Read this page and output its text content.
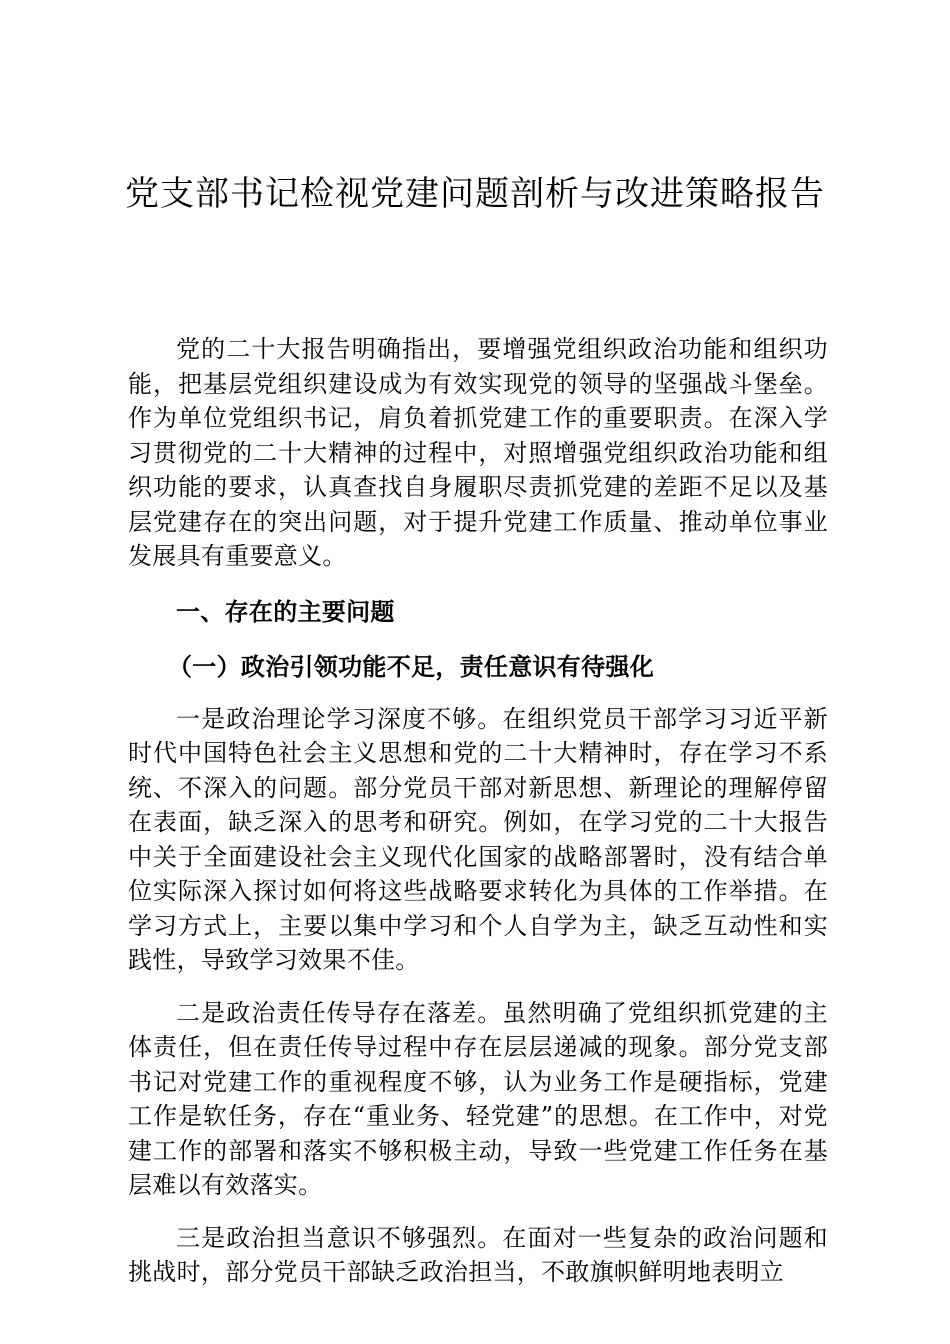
党支部书记检视党建问题剖析与改进策略报告

党的二十大报告明确指出，要增强党组织政治功能和组织功能，把基层党组织建设成为有效实现党的领导的坚强战斗堡垒。作为单位党组织书记，肩负着抓党建工作的重要职责。在深入学习贯彻党的二十大精神的过程中，对照增强党组织政治功能和组织功能的要求，认真查找自身履职尽责抓党建的差距不足以及基层党建存在的突出问题，对于提升党建工作质量、推动单位事业发展具有重要意义。

一、存在的主要问题
（一）政治引领功能不足，责任意识有待强化

一是政治理论学习深度不够。在组织党员干部学习习近平新时代中国特色社会主义思想和党的二十大精神时，存在学习不系统、不深入的问题。部分党员干部对新思想、新理论的理解停留在表面，缺乏深入的思考和研究。例如，在学习党的二十大报告中关于全面建设社会主义现代化国家的战略部署时，没有结合单位实际深入探讨如何将这些战略要求转化为具体的工作举措。在学习方式上，主要以集中学习和个人自学为主，缺乏互动性和实践性，导致学习效果不佳。

二是政治责任传导存在落差。虽然明确了党组织抓党建的主体责任，但在责任传导过程中存在层层递减的现象。部分党支部书记对党建工作的重视程度不够，认为业务工作是硬指标，党建工作是软任务，存在“重业务、轻党建”的思想。在工作中，对党建工作的部署和落实不够积极主动，导致一些党建工作任务在基层难以有效落实。

三是政治担当意识不够强烈。在面对一些复杂的政治问题和挑战时，部分党员干部缺乏政治担当，不敢旗帜鲜明地表明立
